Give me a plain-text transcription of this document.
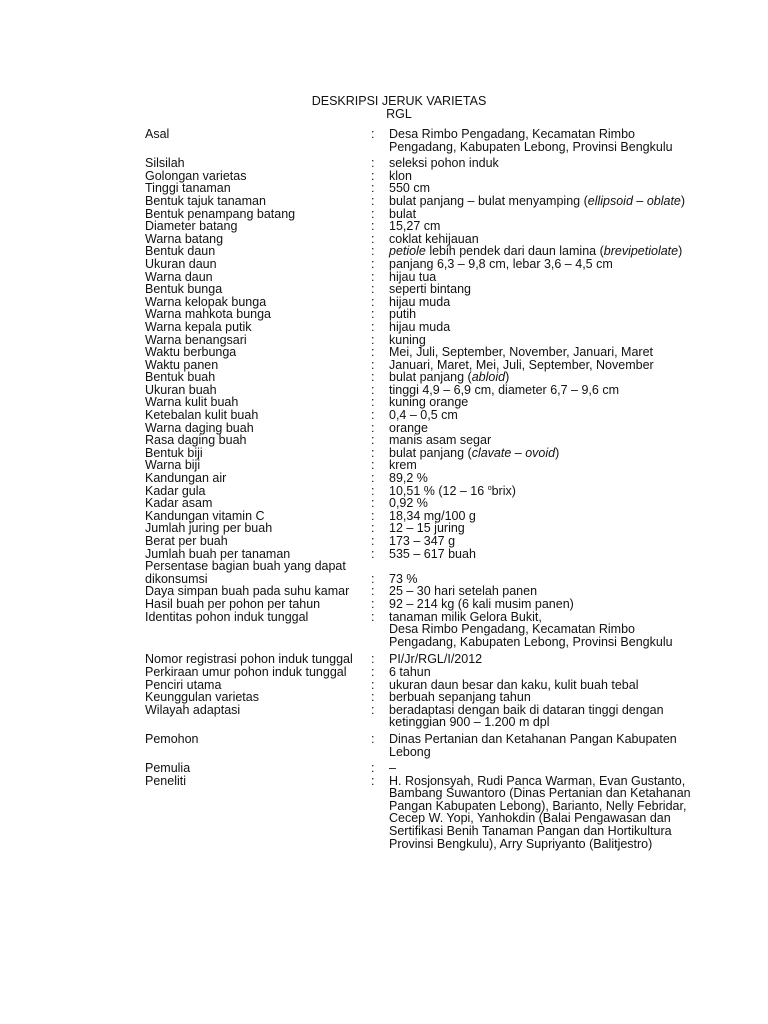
DESKRIPSI JERUK VARIETAS
RGL
Asal	: Desa Rimbo Pengadang, Kecamatan Rimbo
Pengadang, Kabupaten Lebong, Provinsi Bengkulu
Silsilah	: seleksi pohon induk
Golongan varietas	: klon
Tinggi tanaman	: 550 cm
Bentuk tajuk tanaman	: bulat panjang – bulat menyamping (ellipsoid – oblate)
Bentuk penampang batang	: bulat
Diameter batang	: 15,27 cm
Warna batang	: coklat kehijauan
Bentuk daun	: petiole lebih pendek dari daun lamina (brevipetiolate)
Ukuran daun	: panjang 6,3 – 9,8 cm, lebar 3,6 – 4,5 cm
Warna daun	: hijau tua
Bentuk bunga	: seperti bintang
Warna kelopak bunga	: hijau muda
Warna mahkota bunga	: putih
Warna kepala putik	: hijau muda
Warna benangsari	: kuning
Waktu berbunga	: Mei, Juli, September, November, Januari, Maret
Waktu panen	: Januari, Maret, Mei, Juli, September, November
Bentuk buah	: bulat panjang (abloid)
Ukuran buah	: tinggi 4,9 – 6,9 cm, diameter 6,7 – 9,6 cm
Warna kulit buah	: kuning orange
Ketebalan kulit buah	: 0,4 – 0,5 cm
Warna daging buah	: orange
Rasa daging buah	: manis asam segar
Bentuk biji	: bulat panjang (clavate – ovoid)
Warna biji	: krem
Kandungan air	: 89,2 %
Kadar gula	: 10,51 % (12 – 16 $^o$brix)
Kadar asam	: 0,92 %
Kandungan vitamin C	: 18,34 mg/100 g
Jumlah juring per buah	: 12 – 15 juring
Berat per buah	: 173 – 347 g
Jumlah buah per tanaman	: 535 – 617 buah
Persentase bagian buah yang dapat
dikonsumsi	: 73 %
Daya simpan buah pada suhu kamar	: 25 – 30 hari setelah panen
Hasil buah per pohon per tahun	: 92 – 214 kg (6 kali musim panen)
Identitas pohon induk tunggal	: tanaman milik Gelora Bukit,
Desa Rimbo Pengadang, Kecamatan Rimbo
Pengadang, Kabupaten Lebong, Provinsi Bengkulu
Nomor registrasi pohon induk tunggal	: PI/Jr/RGL/I/2012
Perkiraan umur pohon induk tunggal	: 6 tahun
Penciri utama	: ukuran daun besar dan kaku, kulit buah tebal
Keunggulan varietas	: berbuah sepanjang tahun
Wilayah adaptasi	: beradaptasi dengan baik di dataran tinggi dengan
ketinggian 900 – 1.200 m dpl
Pemohon	: Dinas Pertanian dan Ketahanan Pangan Kabupaten
Lebong
Pemulia	: –
Peneliti	: H. Rosjonsyah, Rudi Panca Warman, Evan Gustanto,
Bambang Suwantoro (Dinas Pertanian dan Ketahanan
Pangan Kabupaten Lebong), Barianto, Nelly Febridar,
Cecep W. Yopi, Yanhokdin (Balai Pengawasan dan
Sertifikasi Benih Tanaman Pangan dan Hortikultura
Provinsi Bengkulu), Arry Supriyanto (Balitjestro)
